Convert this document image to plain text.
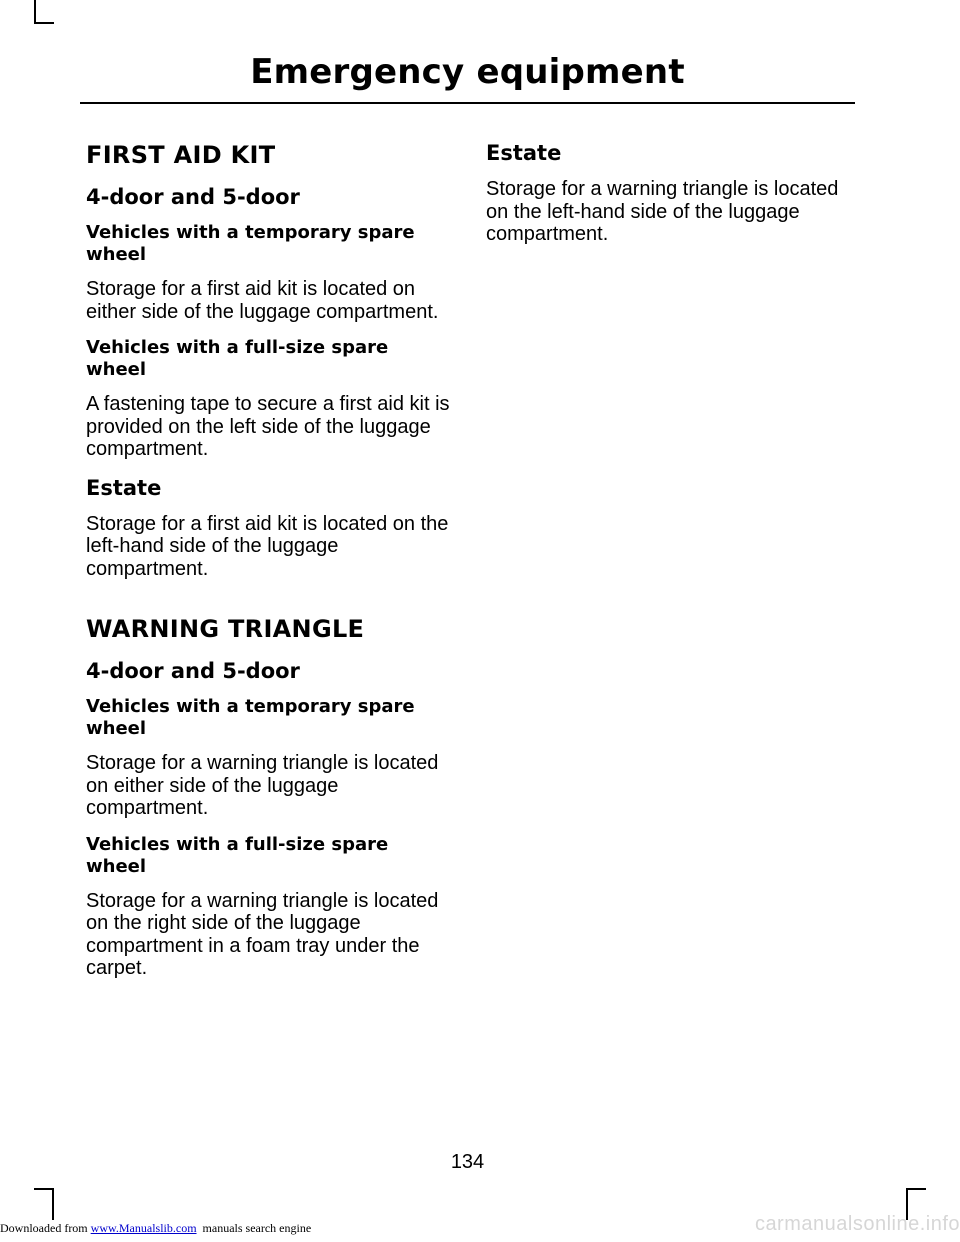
Emergency equipment
FIRST AID KIT
4-door and 5-door
Vehicles with a temporary spare wheel
Storage for a first aid kit is located on either side of the luggage compartment.
Vehicles with a full-size spare wheel
A fastening tape to secure a first aid kit is provided on the left side of the luggage compartment.
Estate
Storage for a first aid kit is located on the left-hand side of the luggage compartment.
WARNING TRIANGLE
4-door and 5-door
Vehicles with a temporary spare wheel
Storage for a warning triangle is located on either side of the luggage compartment.
Vehicles with a full-size spare wheel
Storage for a warning triangle is located on the right side of the luggage compartment in a foam tray under the carpet.
Estate
Storage for a warning triangle is located on the left-hand side of the luggage compartment.
134
Downloaded from www.Manualslib.com  manuals search engine	carmanualsonline.info
